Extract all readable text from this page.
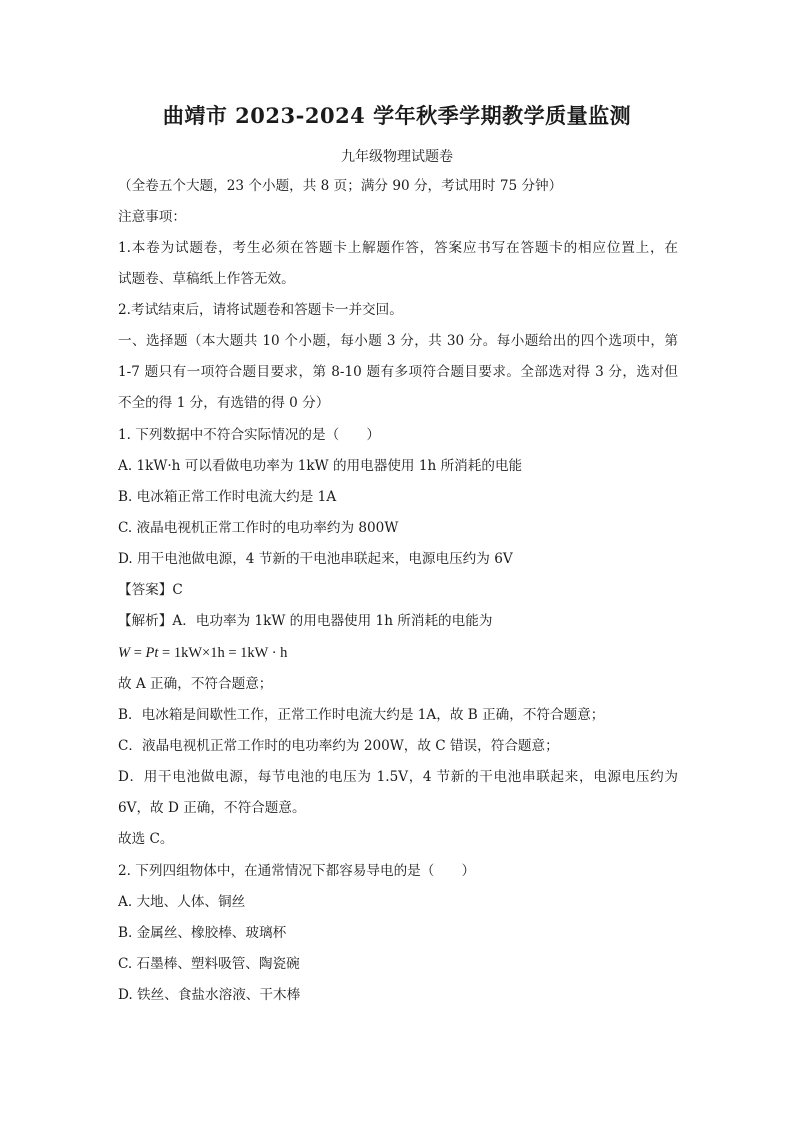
曲靖市 2023-2024 学年秋季学期教学质量监测
九年级物理试题卷
（全卷五个大题，23 个小题，共 8 页；满分 90 分，考试用时 75 分钟）
注意事项：
1.本卷为试题卷，考生必须在答题卡上解题作答，答案应书写在答题卡的相应位置上，在
试题卷、草稿纸上作答无效。
2.考试结束后，请将试题卷和答题卡一并交回。
一、选择题（本大题共 10 个小题，每小题 3 分，共 30 分。每小题给出的四个选项中，第
1-7 题只有一项符合题目要求，第 8-10 题有多项符合题目要求。全部选对得 3 分，选对但
不全的得 1 分，有选错的得 0 分）
1. 下列数据中不符合实际情况的是（　　）
A. 1kW·h 可以看做电功率为 1kW 的用电器使用 1h 所消耗的电能
B. 电冰箱正常工作时电流大约是 1A
C. 液晶电视机正常工作时的电功率约为 800W
D. 用干电池做电源，4 节新的干电池串联起来，电源电压约为 6V
【答案】C
【解析】A．电功率为 1kW 的用电器使用 1h 所消耗的电能为
W = Pt = 1kW×1h = 1kW · h
故 A 正确，不符合题意；
B．电冰箱是间歇性工作，正常工作时电流大约是 1A，故 B 正确，不符合题意；
C．液晶电视机正常工作时的电功率约为 200W，故 C 错误，符合题意；
D．用干电池做电源，每节电池的电压为 1.5V，4 节新的干电池串联起来，电源电压约为
6V，故 D 正确，不符合题意。
故选 C。
2. 下列四组物体中，在通常情况下都容易导电的是（　　）
A. 大地、人体、铜丝
B. 金属丝、橡胶棒、玻璃杯
C. 石墨棒、塑料吸管、陶瓷碗
D. 铁丝、食盐水溶液、干木棒
